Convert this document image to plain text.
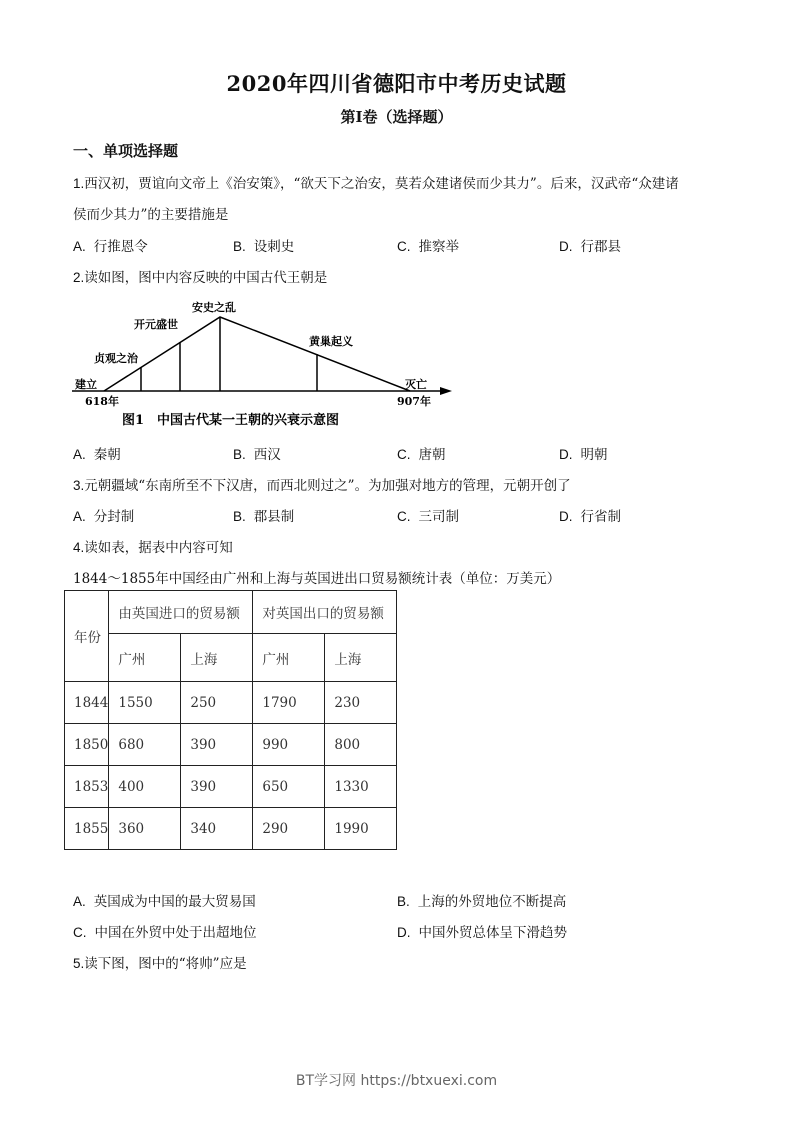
2020年四川省德阳市中考历史试题
第Ⅰ卷（选择题）
一、单项选择题
1.西汉初，贾谊向文帝上《治安策》，“欲天下之治安，莫若众建诸侯而少其力”。后来，汉武帝“众建诸
侯而少其力”的主要措施是
A. 行推恩令	B. 设刺史	C. 推察举	D. 行郡县
2.读如图，图中内容反映的中国古代王朝是
建立
618年
贞观之治
开元盛世
安史之乱
黄巢起义
灭亡
907年
图1　中国古代某一王朝的兴衰示意图
A. 秦朝	B. 西汉	C. 唐朝	D. 明朝
3.元朝疆域“东南所至不下汉唐，而西北则过之”。为加强对地方的管理，元朝开创了
A. 分封制	B. 郡县制	C. 三司制	D. 行省制
4.读如表，据表中内容可知
1844～1855年中国经由广州和上海与英国进出口贸易额统计表（单位：万美元）
年份	由英国进口的贸易额		对英国出口的贸易额	
	广州	上海	广州	上海
1844	1550	250	1790	230
1850	680	390	990	800
1853	400	390	650	1330
1855	360	340	290	1990
A. 英国成为中国的最大贸易国	B. 上海的外贸地位不断提高
C. 中国在外贸中处于出超地位	D. 中国外贸总体呈下滑趋势
5.读下图，图中的“将帅”应是
BT学习网 https://btxuexi.com
